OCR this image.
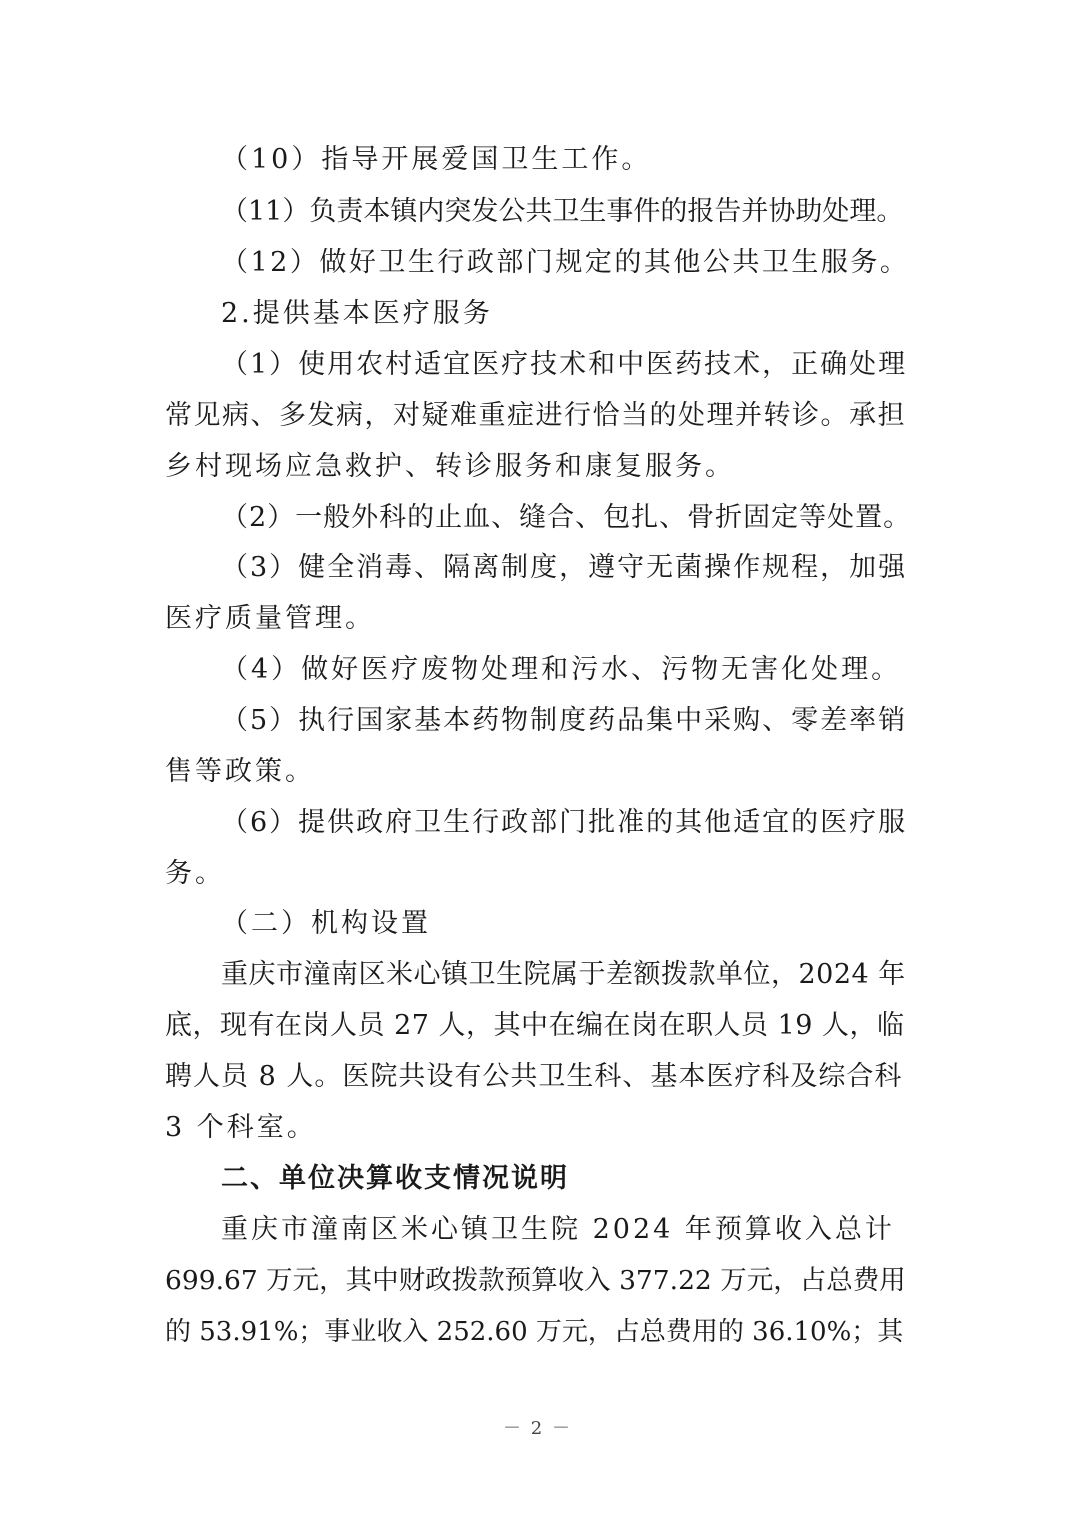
（10）指导开展爱国卫生工作。
（11）负责本镇内突发公共卫生事件的报告并协助处理。
（12）做好卫生行政部门规定的其他公共卫生服务。
2.提供基本医疗服务
（1）使用农村适宜医疗技术和中医药技术，正确处理
常见病、多发病，对疑难重症进行恰当的处理并转诊。承担
乡村现场应急救护、转诊服务和康复服务。
（2）一般外科的止血、缝合、包扎、骨折固定等处置。
（3）健全消毒、隔离制度，遵守无菌操作规程，加强
医疗质量管理。
（4）做好医疗废物处理和污水、污物无害化处理。
（5）执行国家基本药物制度药品集中采购、零差率销
售等政策。
（6）提供政府卫生行政部门批准的其他适宜的医疗服
务。
（二）机构设置
重庆市潼南区米心镇卫生院属于差额拨款单位，2024 年
底，现有在岗人员 27 人，其中在编在岗在职人员 19 人，临
聘人员 8 人。医院共设有公共卫生科、基本医疗科及综合科
3 个科室。
二、单位决算收支情况说明
重庆市潼南区米心镇卫生院 2024 年预算收入总计
699.67 万元，其中财政拨款预算收入 377.22 万元，占总费用
的 53.91%；事业收入 252.60 万元，占总费用的 36.10%；其
－ 2 －
